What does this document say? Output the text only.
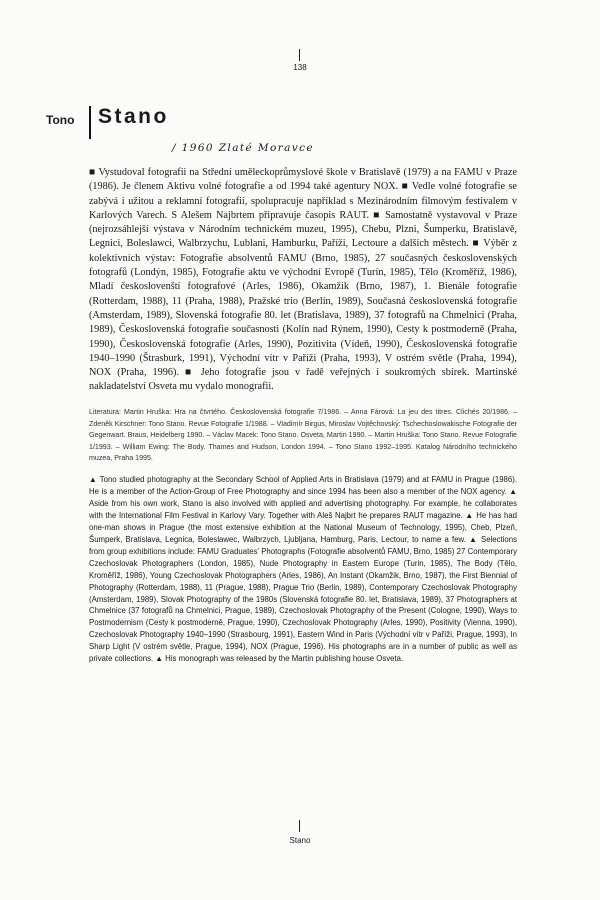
138
Tono Stano
/ 1960 Zlaté Moravce

■ Vystudoval fotografii na Střední uměleckoprůmyslové škole v Bratislavě (1979) a na FAMU v Praze (1986). Je členem Aktivu volné fotografie a od 1994 také agentury NOX. ■ Vedle volné fotografie se zabývá i užitou a reklamní fotografií, spolupracuje například s Mezinárodním filmovým festivalem v Karlových Varech. S Alešem Najbrtem připravuje časopis RAUT. ■ Samostatně vystavoval v Praze (nejrozsáhlejší výstava v Národním technickém muzeu, 1995), Chebu, Plzni, Šumperku, Bratislavě, Legnici, Boleslawci, Walbrzychu, Lublani, Hamburku, Paříži, Lectoure a dalších městech. ■ Výběr z kolektivních výstav: Fotografie absolventů FAMU (Brno, 1985), 27 současných československých fotografů (Londýn, 1985), Fotografie aktu ve východní Evropě (Turín, 1985), Tělo (Kroměříž, 1986), Mladí českoslovenští fotografové (Arles, 1986), Okamžik (Brno, 1987), 1. Bienále fotografie (Rotterdam, 1988), 11 (Praha, 1988), Pražské trio (Berlín, 1989), Současná československá fotografie (Amsterdam, 1989), Slovenská fotografie 80. let (Bratislava, 1989), 37 fotografů na Chmelnici (Praha, 1989), Československá fotografie současnosti (Kolín nad Rýnem, 1990), Cesty k postmoderně (Praha, 1990), Československá fotografie (Arles, 1990), Pozitivita (Vídeň, 1990), Československá fotografie 1940–1990 (Štrasburk, 1991), Východní vítr v Paříži (Praha, 1993), V ostrém světle (Praha, 1994), NOX (Praha, 1996). ■ Jeho fotografie jsou v řadě veřejných i soukromých sbírek. Martinské nakladatelství Osveta mu vydalo monografii.

Literatura: Martin Hruška: Hra na čtvrtého. Československá fotografie 7/1986. – Anna Fárová: La jeu des titres. Clichés 20/1986. – Zdeněk Kirschner: Tono Stano. Revue Fotografie 1/1988. – Vladimír Birgus, Miroslav Vojtěchovský: Tschechoslowakische Fotografie der Gegenwart. Braus, Heidelberg 1990. – Václav Macek: Tono Stano. Osveta, Martin 1990. – Martin Hruška: Tono Stano. Revue Fotografie 1/1993. – William Ewing: The Body. Thames and Hudson, London 1994. – Tono Stano 1992–1995. Katalog Národního technického muzea, Praha 1995.

▲ Tono studied photography at the Secondary School of Applied Arts in Bratislava (1979) and at FAMU in Prague (1986). He is a member of the Action-Group of Free Photography and since 1994 has been also a member of the NOX agency. ▲ Aside from his own work, Stano is also involved with applied and advertising photography. For example, he collaborates with the International Film Festival in Karlovy Vary. Together with Aleš Najbrt he prepares RAUT magazine. ▲ He has had one-man shows in Prague (the most extensive exhibition at the National Museum of Technology, 1995), Cheb, Plzeň, Šumperk, Bratislava, Legnica, Boleslawec, Walbrzych, Ljubljana, Hamburg, Paris, Lectour, to name a few. ▲ Selections from group exhibitions include: FAMU Graduates' Photographs (Fotografie absolventů FAMU, Brno, 1985) 27 Contemporary Czechoslovak Photographers (London, 1985), Nude Photography in Eastern Europe (Turin, 1985), The Body (Tělo, Kroměříž, 1986), Young Czechoslovak Photographers (Arles, 1986), An Instant (Okamžik, Brno, 1987), the First Biennial of Photography (Rotterdam, 1988), 11 (Prague, 1988), Prague Trio (Berlin, 1989), Contemporary Czechoslovak Photography (Amsterdam, 1989), Slovak Photography of the 1980s (Slovenská fotografie 80. let, Bratislava, 1989), 37 Photographers at Chmelnice (37 fotografů na Chmelnici, Prague, 1989), Czechoslovak Photography of the Present (Cologne, 1990), Ways to Postmodernism (Cesty k postmoderně, Prague, 1990), Czechoslovak Photography (Arles, 1990), Positivity (Vienna, 1990), Czechoslovak Photography 1940–1990 (Strasbourg, 1991), Eastern Wind in Paris (Východní vítr v Paříži, Prague, 1993), In Sharp Light (V ostrém světle, Prague, 1994), NOX (Prague, 1996). His photographs are in a number of public as well as private collections. ▲ His monograph was released by the Martin publishing house Osveta.

Stano
